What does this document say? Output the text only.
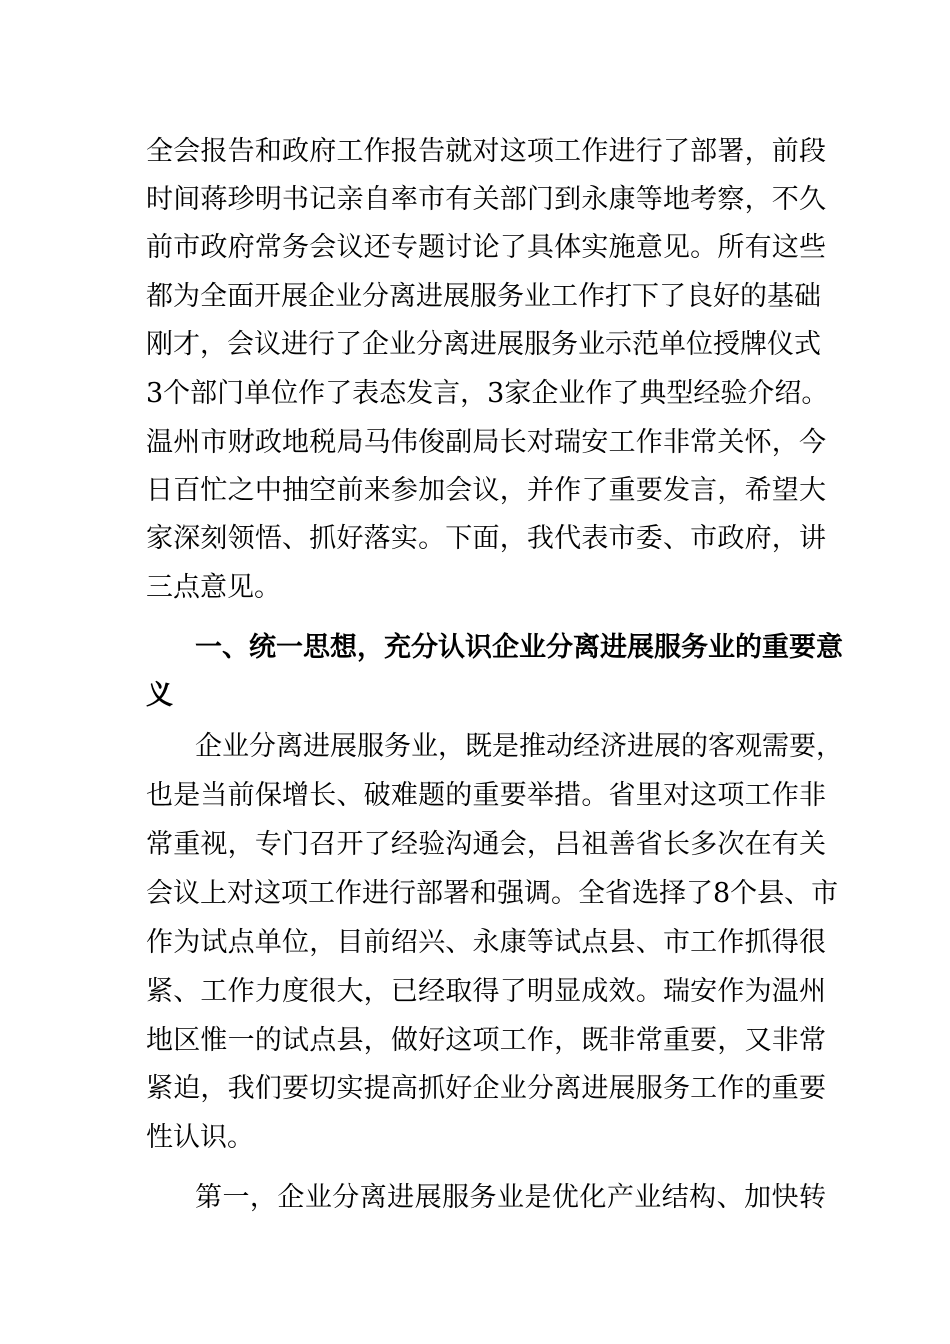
全会报告和政府工作报告就对这项工作进行了部署，前段
时间蒋珍明书记亲自率市有关部门到永康等地考察，不久
前市政府常务会议还专题讨论了具体实施意见。所有这些
都为全面开展企业分离进展服务业工作打下了良好的基础
刚才，会议进行了企业分离进展服务业示范单位授牌仪式
3个部门单位作了表态发言，3家企业作了典型经验介绍。
温州市财政地税局马伟俊副局长对瑞安工作非常关怀，今
日百忙之中抽空前来参加会议，并作了重要发言，希望大
家深刻领悟、抓好落实。下面，我代表市委、市政府，讲
三点意见。
一、统一思想，充分认识企业分离进展服务业的重要意
义
企业分离进展服务业，既是推动经济进展的客观需要，
也是当前保增长、破难题的重要举措。省里对这项工作非
常重视，专门召开了经验沟通会，吕祖善省长多次在有关
会议上对这项工作进行部署和强调。全省选择了8个县、市
作为试点单位，目前绍兴、永康等试点县、市工作抓得很
紧、工作力度很大，已经取得了明显成效。瑞安作为温州
地区惟一的试点县，做好这项工作，既非常重要，又非常
紧迫，我们要切实提高抓好企业分离进展服务工作的重要
性认识。
第一，企业分离进展服务业是优化产业结构、加快转
